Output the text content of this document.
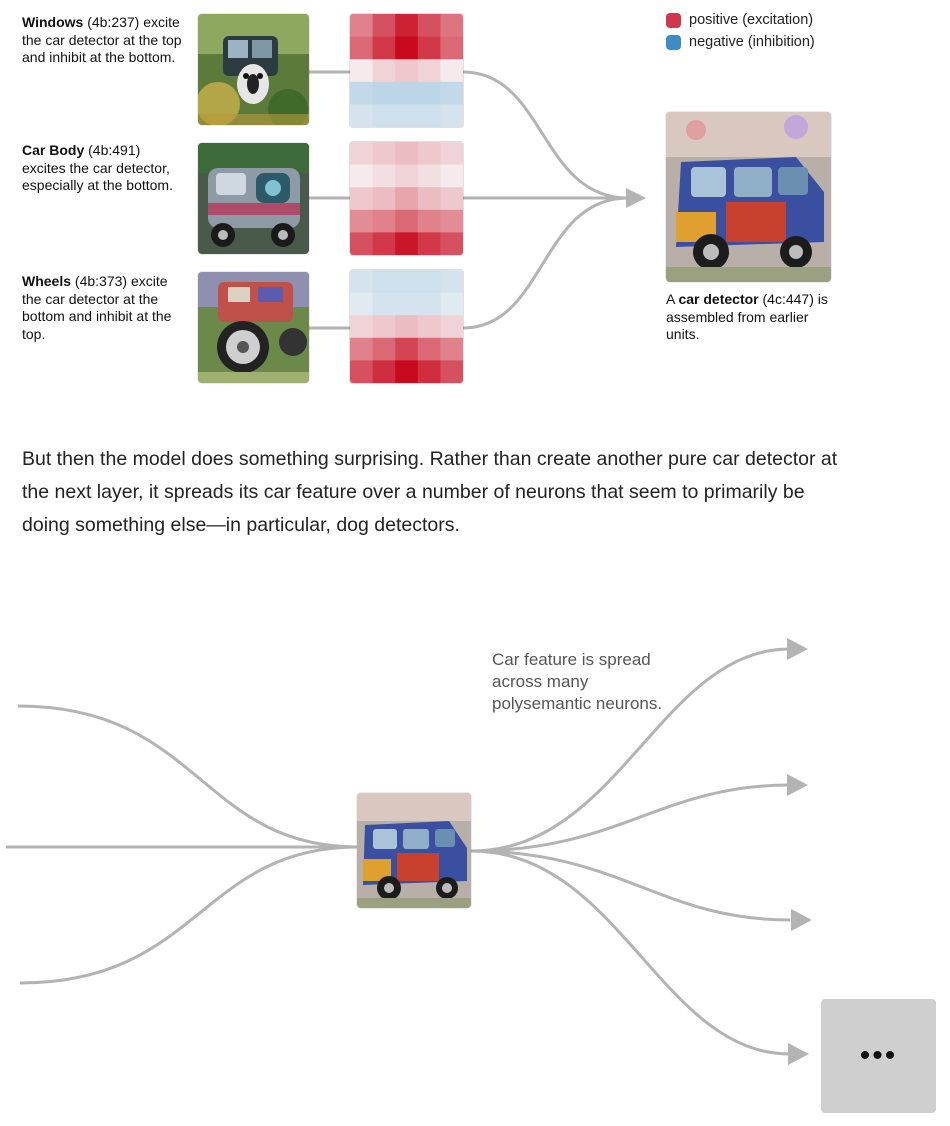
Windows (4b:237) excite the car detector at the top and inhibit at the bottom.
Car Body (4b:491) excites the car detector, especially at the bottom.
Wheels (4b:373) excite the car detector at the bottom and inhibit at the top.
positive (excitation)
negative (inhibition)
A car detector (4c:447) is assembled from earlier units.

But then the model does something surprising. Rather than create another pure car detector at the next layer, it spreads its car feature over a number of neurons that seem to primarily be doing something else—in particular, dog detectors.

Car feature is spread across many polysemantic neurons.
•••
